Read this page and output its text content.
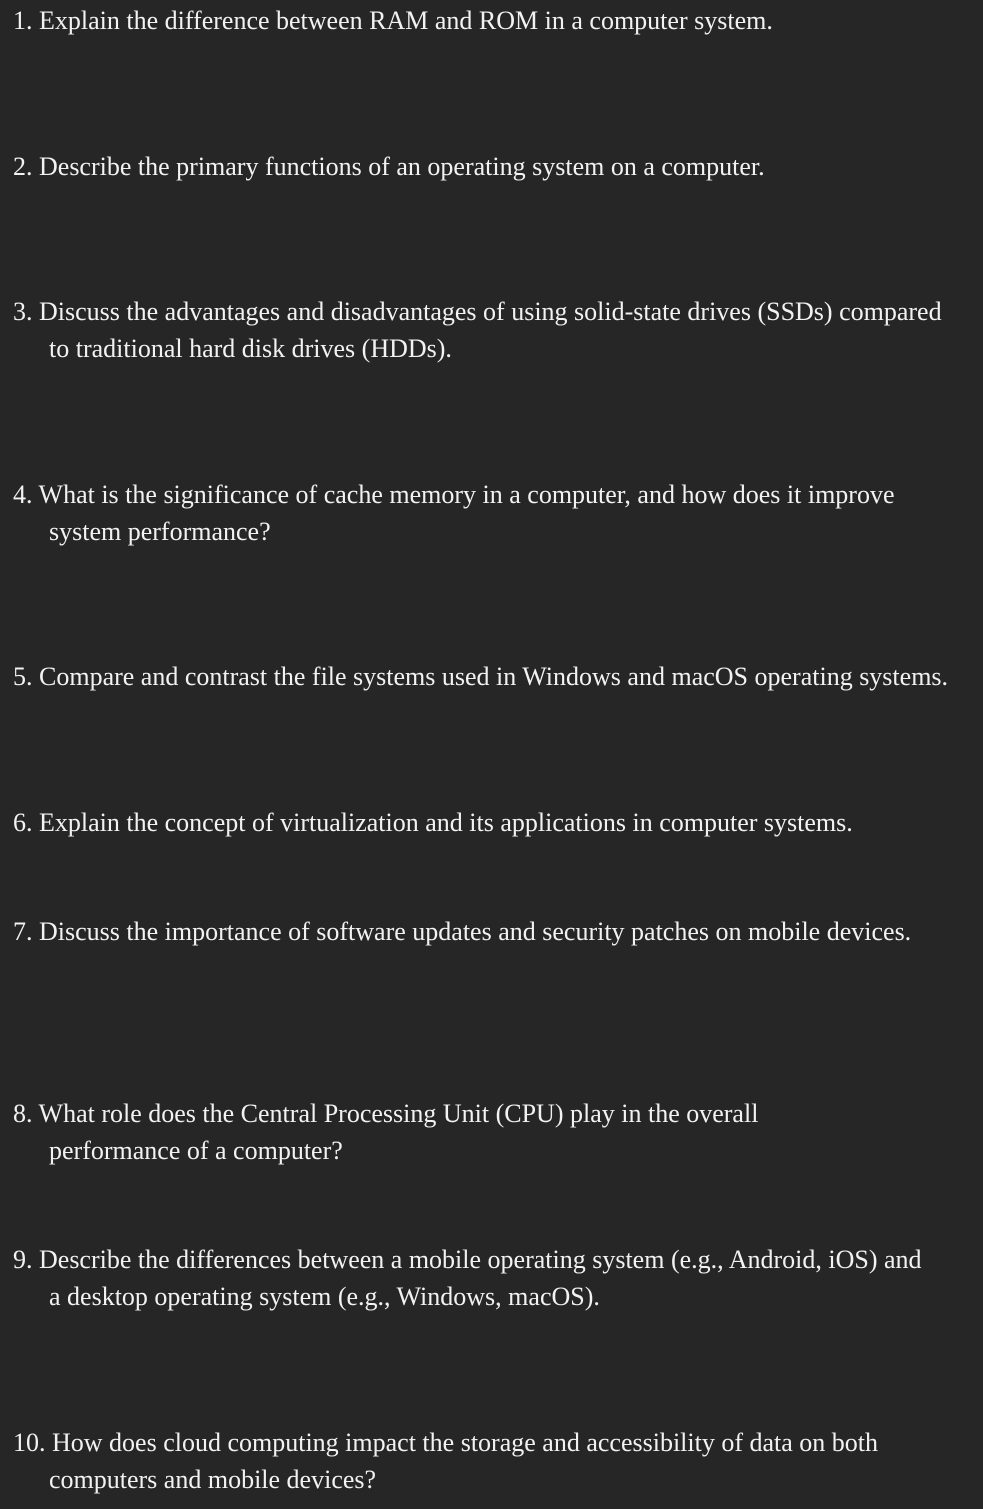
1. Explain the difference between RAM and ROM in a computer system.
2. Describe the primary functions of an operating system on a computer.
3. Discuss the advantages and disadvantages of using solid-state drives (SSDs) compared to traditional hard disk drives (HDDs).
4. What is the significance of cache memory in a computer, and how does it improve system performance?
5. Compare and contrast the file systems used in Windows and macOS operating systems.
6. Explain the concept of virtualization and its applications in computer systems.
7. Discuss the importance of software updates and security patches on mobile devices.
8. What role does the Central Processing Unit (CPU) play in the overall performance of a computer?
9. Describe the differences between a mobile operating system (e.g., Android, iOS) and a desktop operating system (e.g., Windows, macOS).
10. How does cloud computing impact the storage and accessibility of data on both computers and mobile devices?
